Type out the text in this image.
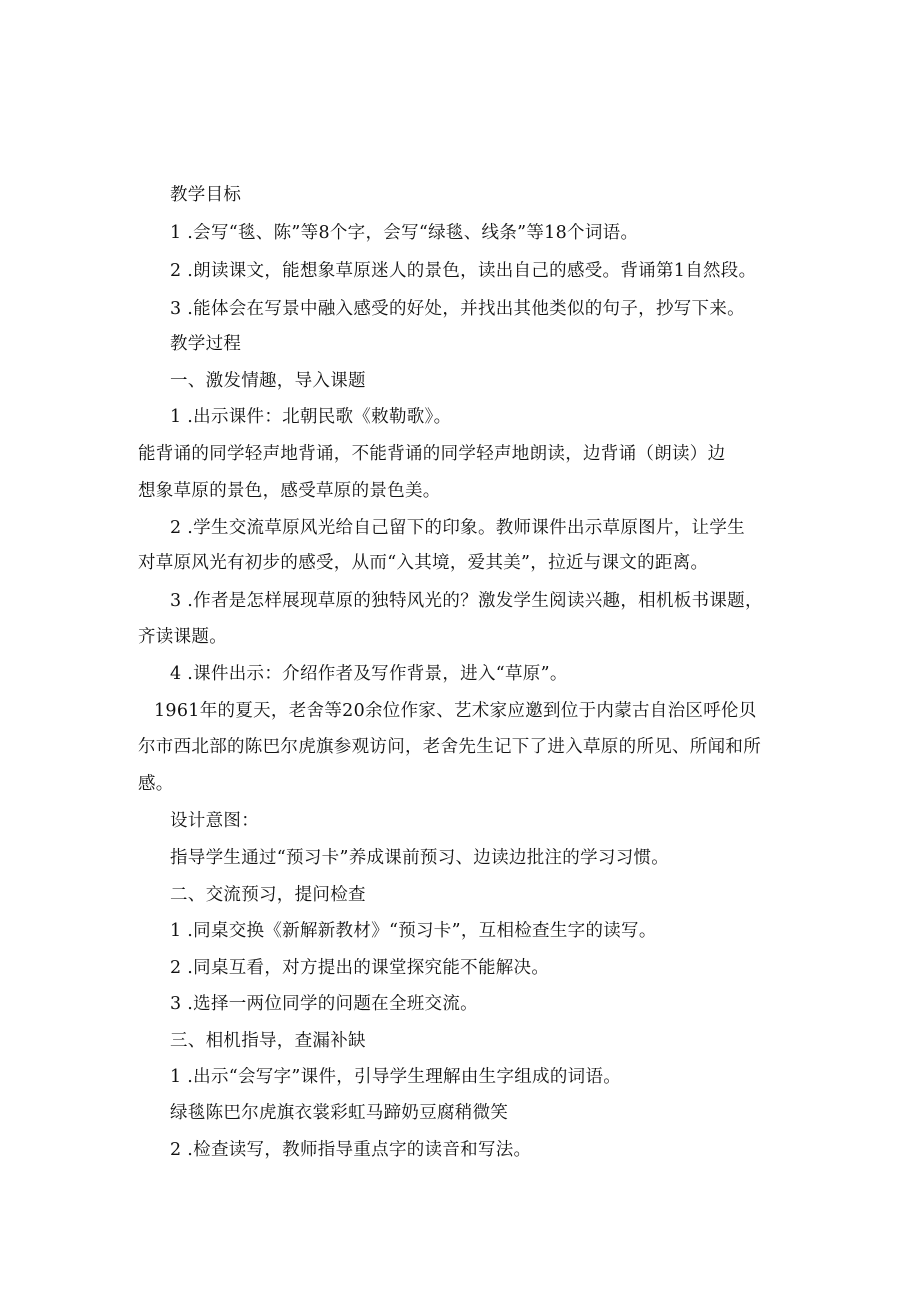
教学目标
1 .会写“毯、陈”等8个字，会写“绿毯、线条”等18个词语。
2 .朗读课文，能想象草原迷人的景色，读出自己的感受。背诵第1自然段。
3 .能体会在写景中融入感受的好处，并找出其他类似的句子，抄写下来。
教学过程
一、激发情趣，导入课题
1 .出示课件：北朝民歌《敕勒歌》。
能背诵的同学轻声地背诵，不能背诵的同学轻声地朗读，边背诵（朗读）边
想象草原的景色，感受草原的景色美。
2 .学生交流草原风光给自己留下的印象。教师课件出示草原图片，让学生
对草原风光有初步的感受，从而“入其境，爱其美”，拉近与课文的距离。
3 .作者是怎样展现草原的独特风光的？激发学生阅读兴趣，相机板书课题，
齐读课题。
4 .课件出示：介绍作者及写作背景，进入“草原”。
1961年的夏天，老舍等20余位作家、艺术家应邀到位于内蒙古自治区呼伦贝
尔市西北部的陈巴尔虎旗参观访问，老舍先生记下了进入草原的所见、所闻和所
感。
设计意图：
指导学生通过“预习卡”养成课前预习、边读边批注的学习习惯。
二、交流预习，提问检查
1 .同桌交换《新解新教材》“预习卡”，互相检查生字的读写。
2 .同桌互看，对方提出的课堂探究能不能解决。
3 .选择一两位同学的问题在全班交流。
三、相机指导，查漏补缺
1 .出示“会写字”课件，引导学生理解由生字组成的词语。
绿毯陈巴尔虎旗衣裳彩虹马蹄奶豆腐稍微笑
2 .检查读写，教师指导重点字的读音和写法。
